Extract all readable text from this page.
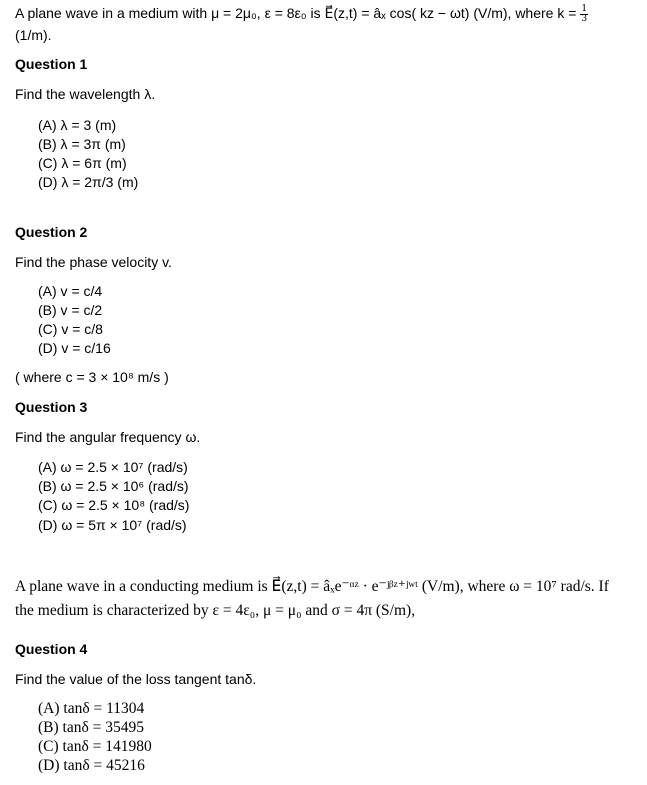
A plane wave in a medium with μ = 2μ₀, ε = 8ε₀ is E⃗(z,t) = âₓ cos( kz − ωt) (V/m), where $k = \frac{1}{3}$
(1/m).
Question 1
Find the wavelength λ.
(A) λ = 3 (m)
(B) λ = 3π (m)
(C) λ = 6π (m)
(D) λ = 2π/3 (m)
Question 2
Find the phase velocity v.
(A) v = c/4
(B) v = c/2
(C) v = c/8
(D) v = c/16
( where c = 3 × 10⁸ m/s )
Question 3
Find the angular frequency ω.
(A) ω = 2.5 × 10⁷ (rad/s)
(B) ω = 2.5 × 10⁶ (rad/s)
(C) ω = 2.5 × 10⁸ (rad/s)
(D) ω = 5π × 10⁷ (rad/s)
A plane wave in a conducting medium is E⃗(z,t) = âₓe⁻ᵅᶻ · e⁻ʲᵝᶻ⁺ʲʷᵗ (V/m), where ω = 10⁷ rad/s. If
the medium is characterized by ε = 4ε₀, μ = μ₀ and σ = 4π (S/m),
Question 4
Find the value of the loss tangent tanδ.
(A) tanδ = 11304
(B) tanδ = 35495
(C) tanδ = 141980
(D) tanδ = 45216
